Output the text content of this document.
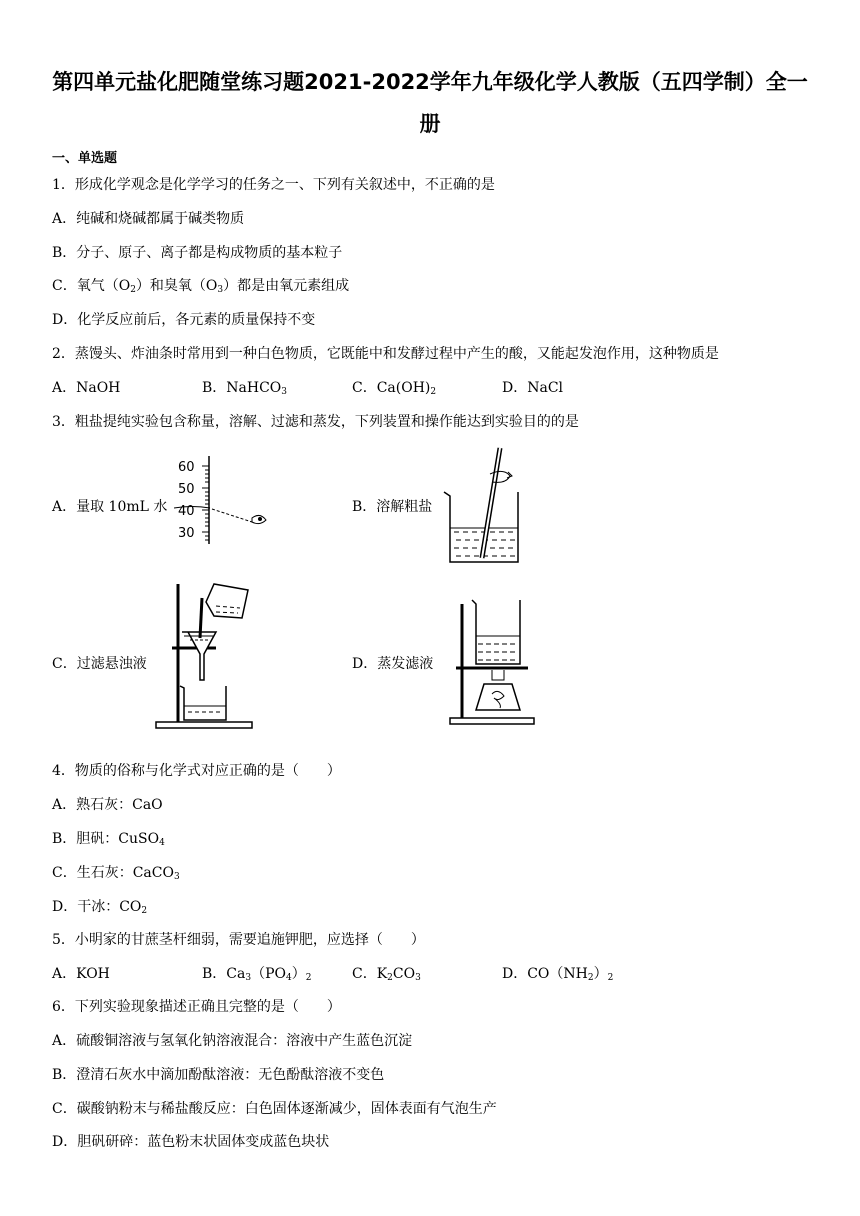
第四单元盐化肥随堂练习题2021-2022学年九年级化学人教版（五四学制）全一
册
一、单选题
1．形成化学观念是化学学习的任务之一、下列有关叙述中，不正确的是
A．纯碱和烧碱都属于碱类物质
B．分子、原子、离子都是构成物质的基本粒子
C．氧气$(O_2)$和臭氧$(O_3)$都是由氧元素组成
D．化学反应前后，各元素的质量保持不变
2．蒸馒头、炸油条时常用到一种白色物质，它既能中和发酵过程中产生的酸，又能起发泡作用，这种物质是
A．NaOH	B．NaHCO$_3$	C．$Ca(OH)_2$	D．NaCl
3．粗盐提纯实验包含称量，溶解、过滤和蒸发，下列装置和操作能达到实验目的的是
A．量取 10mL 水
60
50
40
30
B．溶解粗盐
C．过滤悬浊液	D．蒸发滤液
4．物质的俗称与化学式对应正确的是（　　）
A．熟石灰：CaO
B．胆矾：CuSO$_4$
C．生石灰：CaCO$_3$
D．干冰：$CO_2$
5．小明家的甘蔗茎杆细弱，需要追施钾肥，应选择（　　）
A．KOH	B．$Ca_3(PO_4)_2$	C．$K_2CO_3$	D．$CO(NH_2)_2$
6．下列实验现象描述正确且完整的是（　　）
A．硫酸铜溶液与氢氧化钠溶液混合：溶液中产生蓝色沉淀
B．澄清石灰水中滴加酚酞溶液：无色酚酞溶液不变色
C．碳酸钠粉末与稀盐酸反应：白色固体逐渐减少，固体表面有气泡生产
D．胆矾研碎：蓝色粉末状固体变成蓝色块状
